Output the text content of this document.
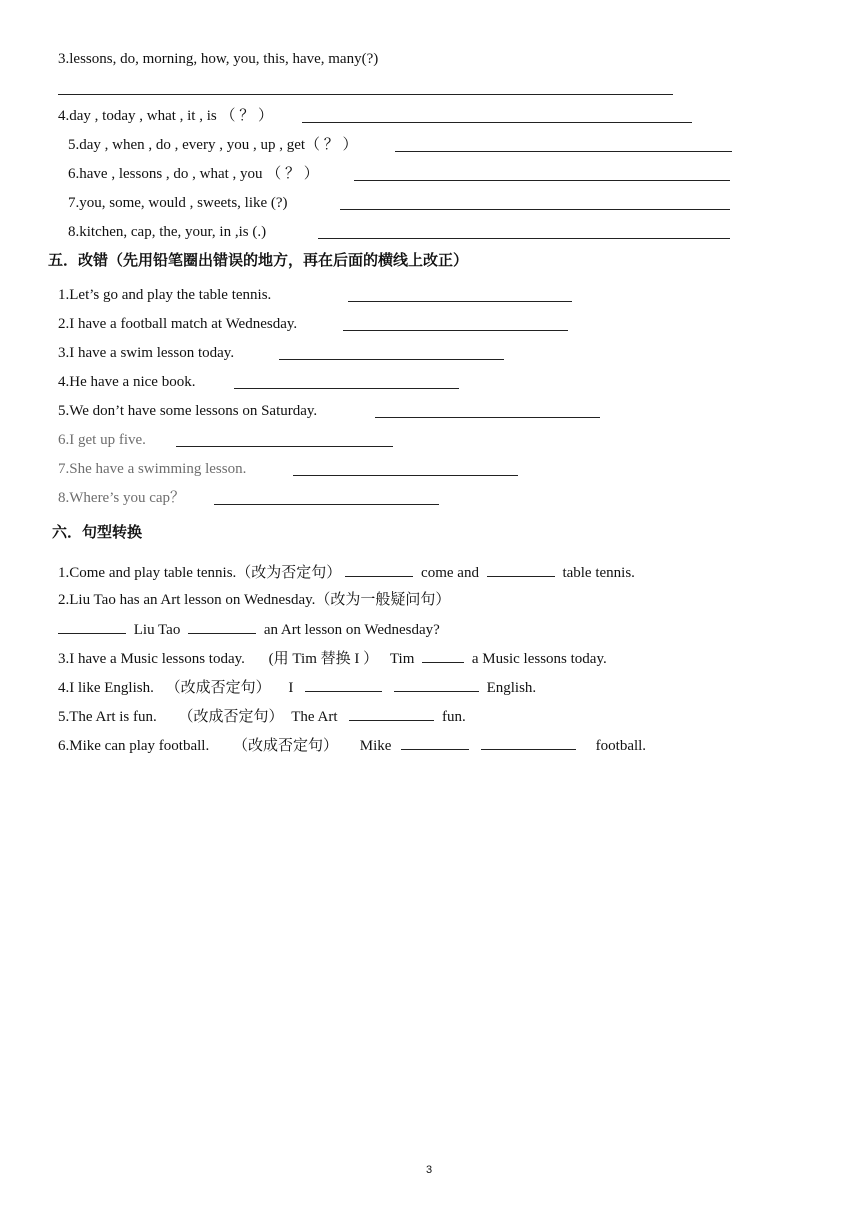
3.lessons, do, morning, how, you, this, have, many(?)
4.day , today , what , it , is （ ？ ）
5.day , when , do , every , you , up , get（ ？ ）
6.have , lessons , do , what , you （ ？ ）
7.you, some, would , sweets, like (?)
8.kitchen, cap, the, your, in ,is (.)
五．改错（先用铅笔圈出错误的地方，再在后面的横线上改正）
1.Let’s go and play the table tennis.
2.I have a football match at Wednesday.
3.I have a swim lesson today.
4.He have a nice book.
5.We don’t have some lessons on Saturday.
6.I get up five.
7.She have a swimming lesson.
8.Where’s you cap？
六．句型转换
1.Come and play table tennis.（改为否定句）	come and	table tennis.
2.Liu Tao has an Art lesson on Wednesday.（改为一般疑问句）
Liu Tao	an Art lesson on Wednesday?
3.I have a Music lessons today. (用 Tim 替换 I ） Tim	a Music lessons today.
4.I like English. （改成否定句） I	English.
5.The Art is fun. （改成否定句） The Art	fun.
6.Mike can play football. （改成否定句） Mike	football.
3
